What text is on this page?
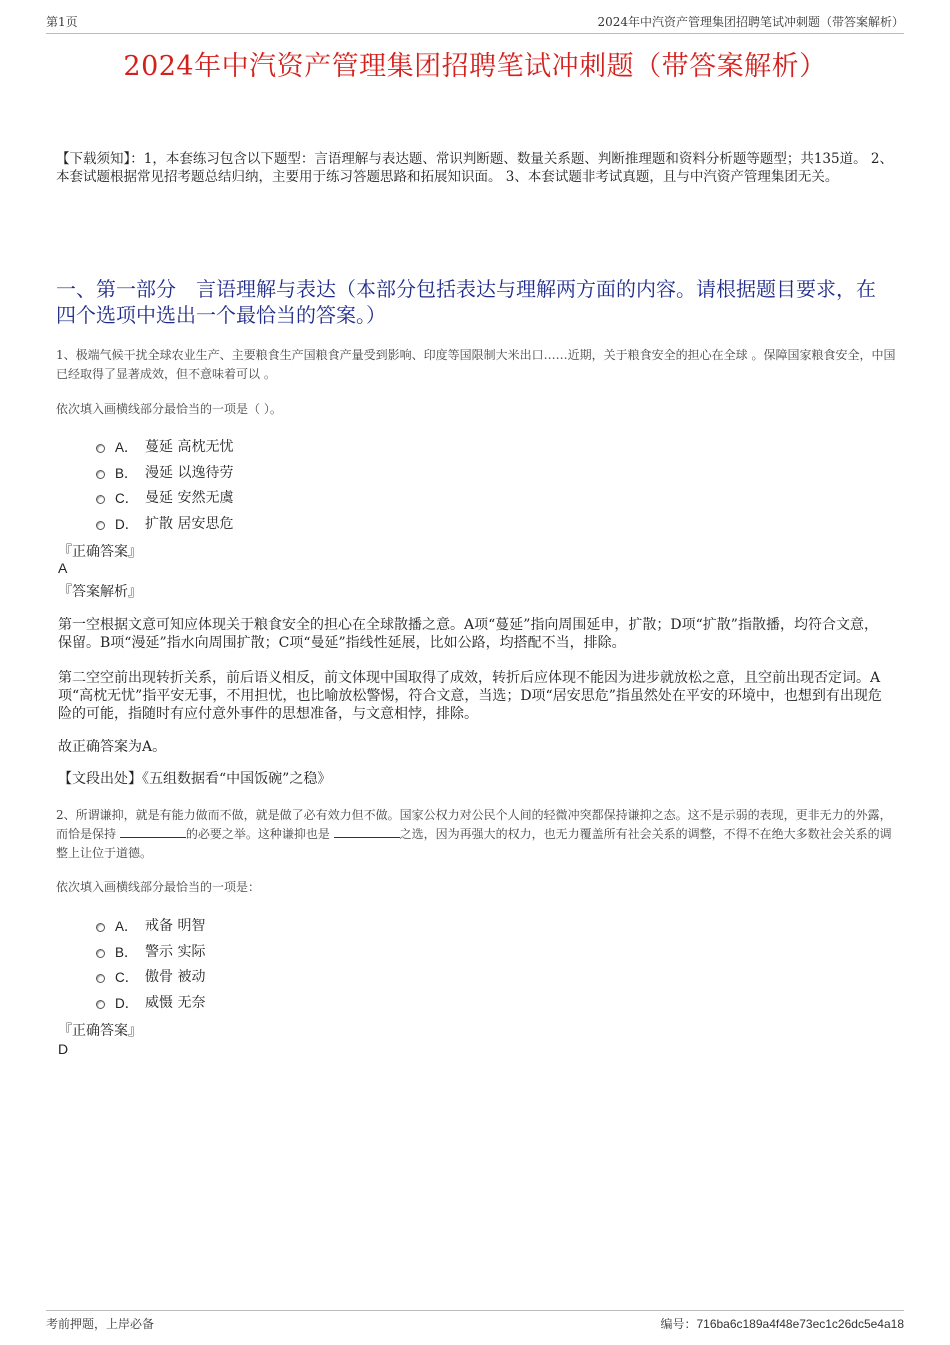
第1页	2024年中汽资产管理集团招聘笔试冲刺题（带答案解析）
2024年中汽资产管理集团招聘笔试冲刺题（带答案解析）
【下载须知】：1，本套练习包含以下题型：言语理解与表达题、常识判断题、数量关系题、判断推理题和资料分析题等题型；共135道。 2、本套试题根据常见招考题总结归纳，主要用于练习答题思路和拓展知识面。 3、本套试题非考试真题，且与中汽资产管理集团无关。
一、第一部分　言语理解与表达（本部分包括表达与理解两方面的内容。请根据题目要求，在四个选项中选出一个最恰当的答案。）
1、极端气候干扰全球农业生产、主要粮食生产国粮食产量受到影响、印度等国限制大米出口……近期，关于粮食安全的担心在全球 。保障国家粮食安全，中国已经取得了显著成效，但不意味着可以 。
依次填入画横线部分最恰当的一项是（ ）。
A． 蔓延 高枕无忧
B． 漫延 以逸待劳
C． 曼延 安然无虞
D． 扩散 居安思危
『正确答案』
A
『答案解析』
第一空根据文意可知应体现关于粮食安全的担心在全球散播之意。A项“蔓延”指向周围延申，扩散；D项“扩散”指散播，均符合文意，保留。B项“漫延”指水向周围扩散；C项“曼延”指线性延展，比如公路，均搭配不当，排除。
第二空空前出现转折关系，前后语义相反，前文体现中国取得了成效，转折后应体现不能因为进步就放松之意，且空前出现否定词。A项“高枕无忧”指平安无事，不用担忧，也比喻放松警惕，符合文意，当选；D项“居安思危”指虽然处在平安的环境中，也想到有出现危险的可能，指随时有应付意外事件的思想准备，与文意相悖，排除。
故正确答案为A。
【文段出处】《五组数据看“中国饭碗”之稳》
2、所谓谦抑，就是有能力做而不做，就是做了必有效力但不做。国家公权力对公民个人间的轻微冲突都保持谦抑之态。这不是示弱的表现，更非无力的外露，而恰是保持	的必要之举。这种谦抑也是	之选，因为再强大的权力，也无力覆盖所有社会关系的调整，不得不在绝大多数社会关系的调整上让位于道德。
依次填入画横线部分最恰当的一项是：
A． 戒备 明智
B． 警示 实际
C． 傲骨 被动
D． 威慑 无奈
『正确答案』
D
考前押题，上岸必备	编号：716ba6c189a4f48e73ec1c26dc5e4a18
